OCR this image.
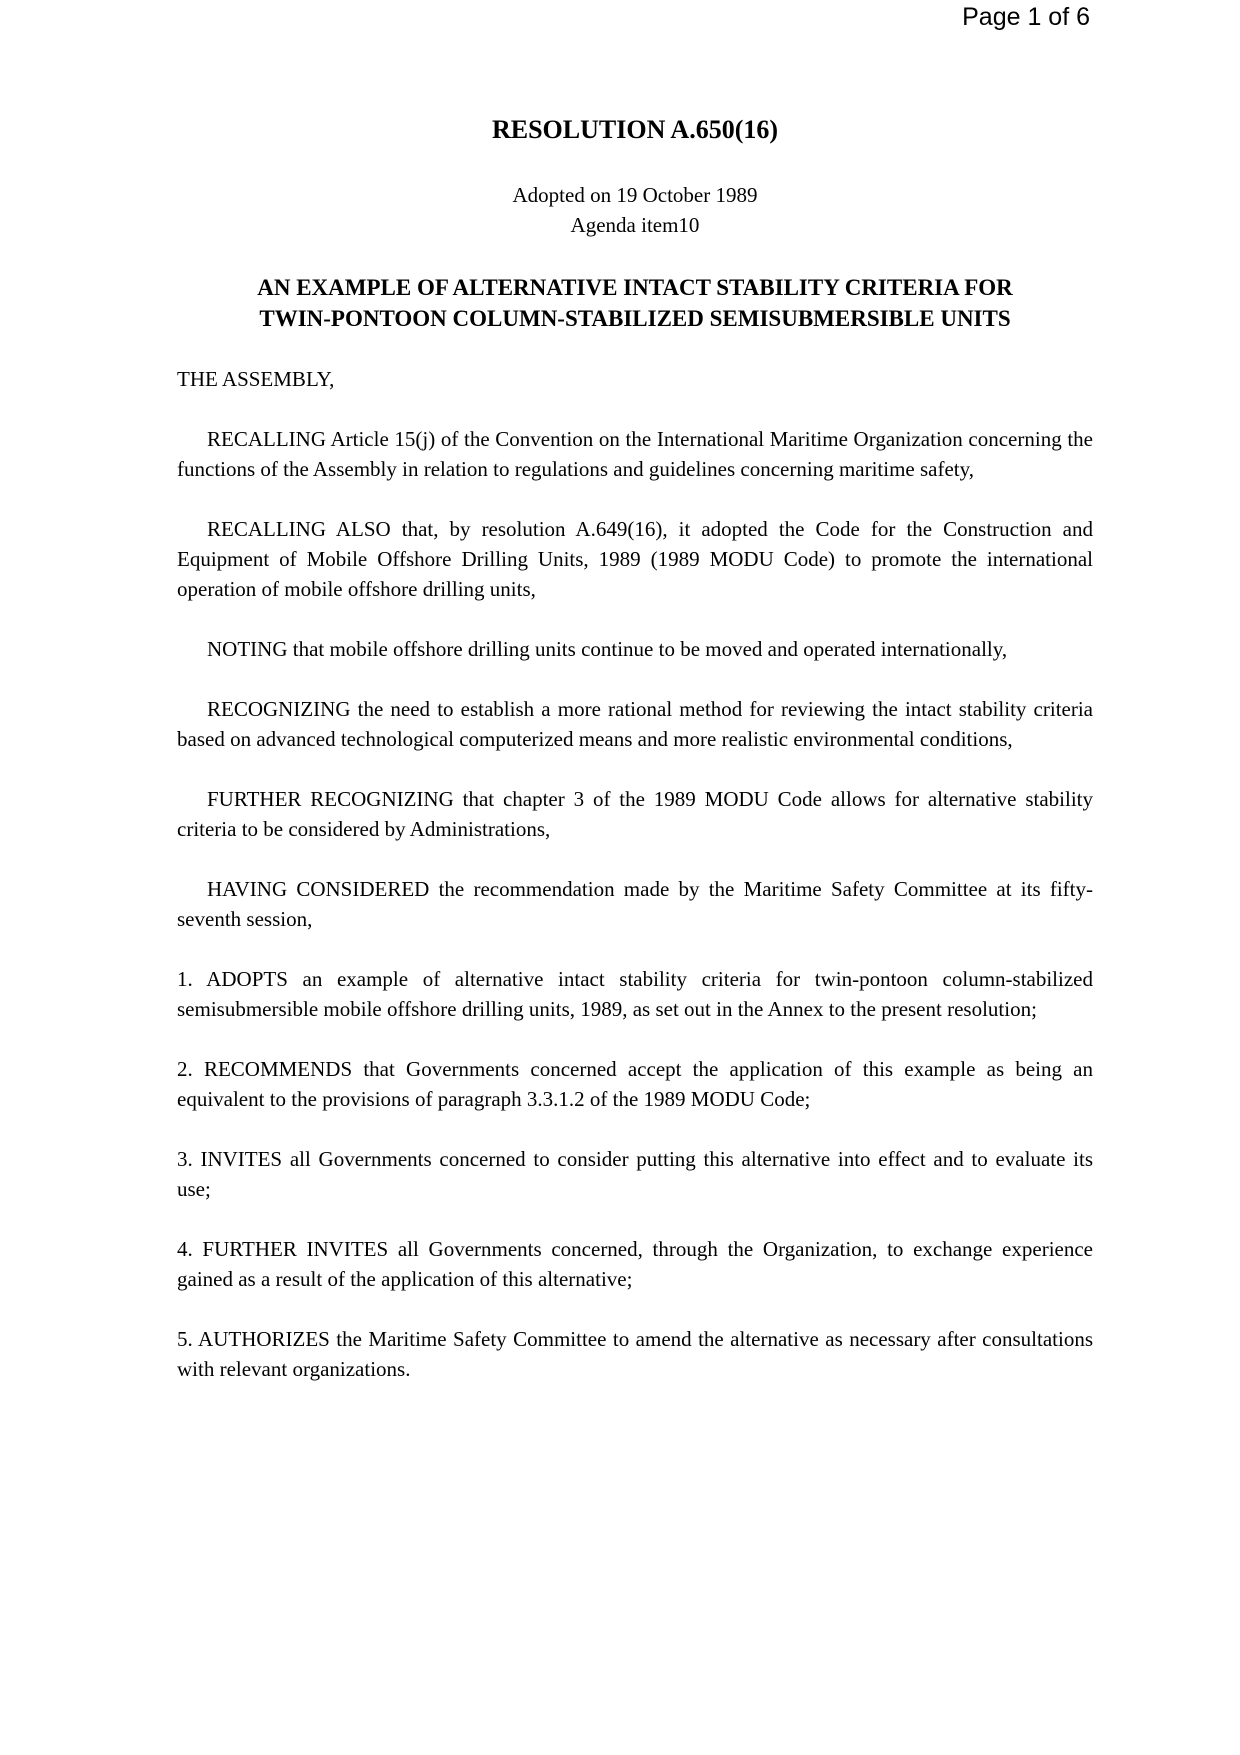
Page 1 of 6
RESOLUTION A.650(16)
Adopted on 19 October 1989
Agenda item10
AN EXAMPLE OF ALTERNATIVE INTACT STABILITY CRITERIA FOR
TWIN-PONTOON COLUMN-STABILIZED SEMISUBMERSIBLE UNITS

THE ASSEMBLY,

RECALLING Article 15(j) of the Convention on the International Maritime Organization concerning the functions of the Assembly in relation to regulations and guidelines concerning maritime safety,

RECALLING ALSO that, by resolution A.649(16), it adopted the Code for the Construction and Equipment of Mobile Offshore Drilling Units, 1989 (1989 MODU Code) to promote the international operation of mobile offshore drilling units,

NOTING that mobile offshore drilling units continue to be moved and operated internationally,

RECOGNIZING the need to establish a more rational method for reviewing the intact stability criteria based on advanced technological computerized means and more realistic environmental conditions,

FURTHER RECOGNIZING that chapter 3 of the 1989 MODU Code allows for alternative stability criteria to be considered by Administrations,

HAVING CONSIDERED the recommendation made by the Maritime Safety Committee at its fifty-seventh session,

1. ADOPTS an example of alternative intact stability criteria for twin-pontoon column-stabilized semisubmersible mobile offshore drilling units, 1989, as set out in the Annex to the present resolution;

2. RECOMMENDS that Governments concerned accept the application of this example as being an equivalent to the provisions of paragraph 3.3.1.2 of the 1989 MODU Code;

3. INVITES all Governments concerned to consider putting this alternative into effect and to evaluate its use;

4. FURTHER INVITES all Governments concerned, through the Organization, to exchange experience gained as a result of the application of this alternative;

5. AUTHORIZES the Maritime Safety Committee to amend the alternative as necessary after consultations with relevant organizations.
